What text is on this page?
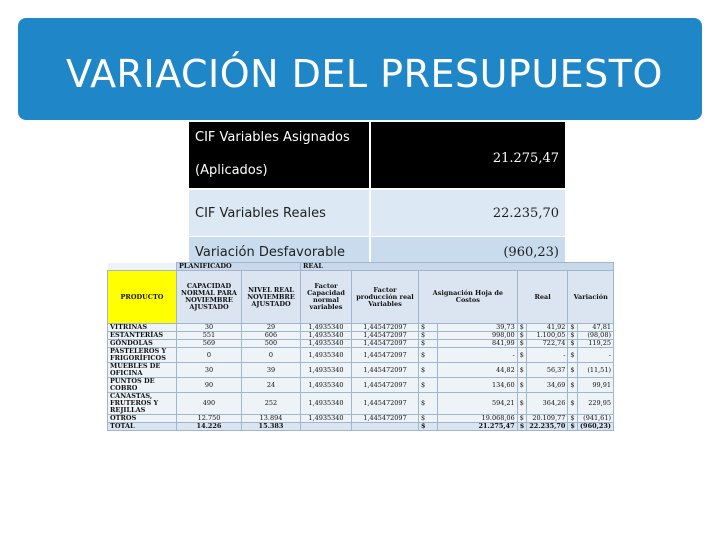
VARIACIÓN DEL PRESUPUESTO
CIF Variables Asignados
(Aplicados)	21.275,47
CIF Variables Reales	22.235,70
Variación Desfavorable	(960,23)
	PLANIFICADO		REAL							
PRODUCTO	CAPACIDAD NORMAL PARA NOVIEMBRE AJUSTADO	NIVEL REAL NOVIEMBRE AJUSTADO	Factor Capacidad normal variables	Factor producción real Variables	Asignación Hoja de Costos		Real		Variación	
VITRINAS	30	29	1,4935340	1,445472097	$	39,73	$	41,92	$	47,81
ESTANTERÍAS	551	606	1,4935340	1,445472097	$	998,00	$	1.100,05	$	(98,08)
GÓNDOLAS	569	500	1,4935340	1,445472097	$	841,99	$	722,74	$	119,25
PASTELEROS Y FRIGORÍFICOS	0	0	1,4935340	1,445472097	$	-	$	-	$	-
MUEBLES DE OFICINA	30	39	1,4935340	1,445472097	$	44,82	$	56,37	$	(11,51)
PUNTOS DE COBRO	90	24	1,4935340	1,445472097	$	134,60	$	34,69	$	99,91
CANASTAS, FRUTEROS Y REJILLAS	490	252	1,4935340	1,445472097	$	594,21	$	364,26	$	229,95
OTROS	12.750	13.894	1,4935340	1,445472097	$	19.068,06	$	20.109,77	$	(941,61)
TOTAL	14.226	15.383			$	21.275,47	$	22.235,70	$	(960,23)
